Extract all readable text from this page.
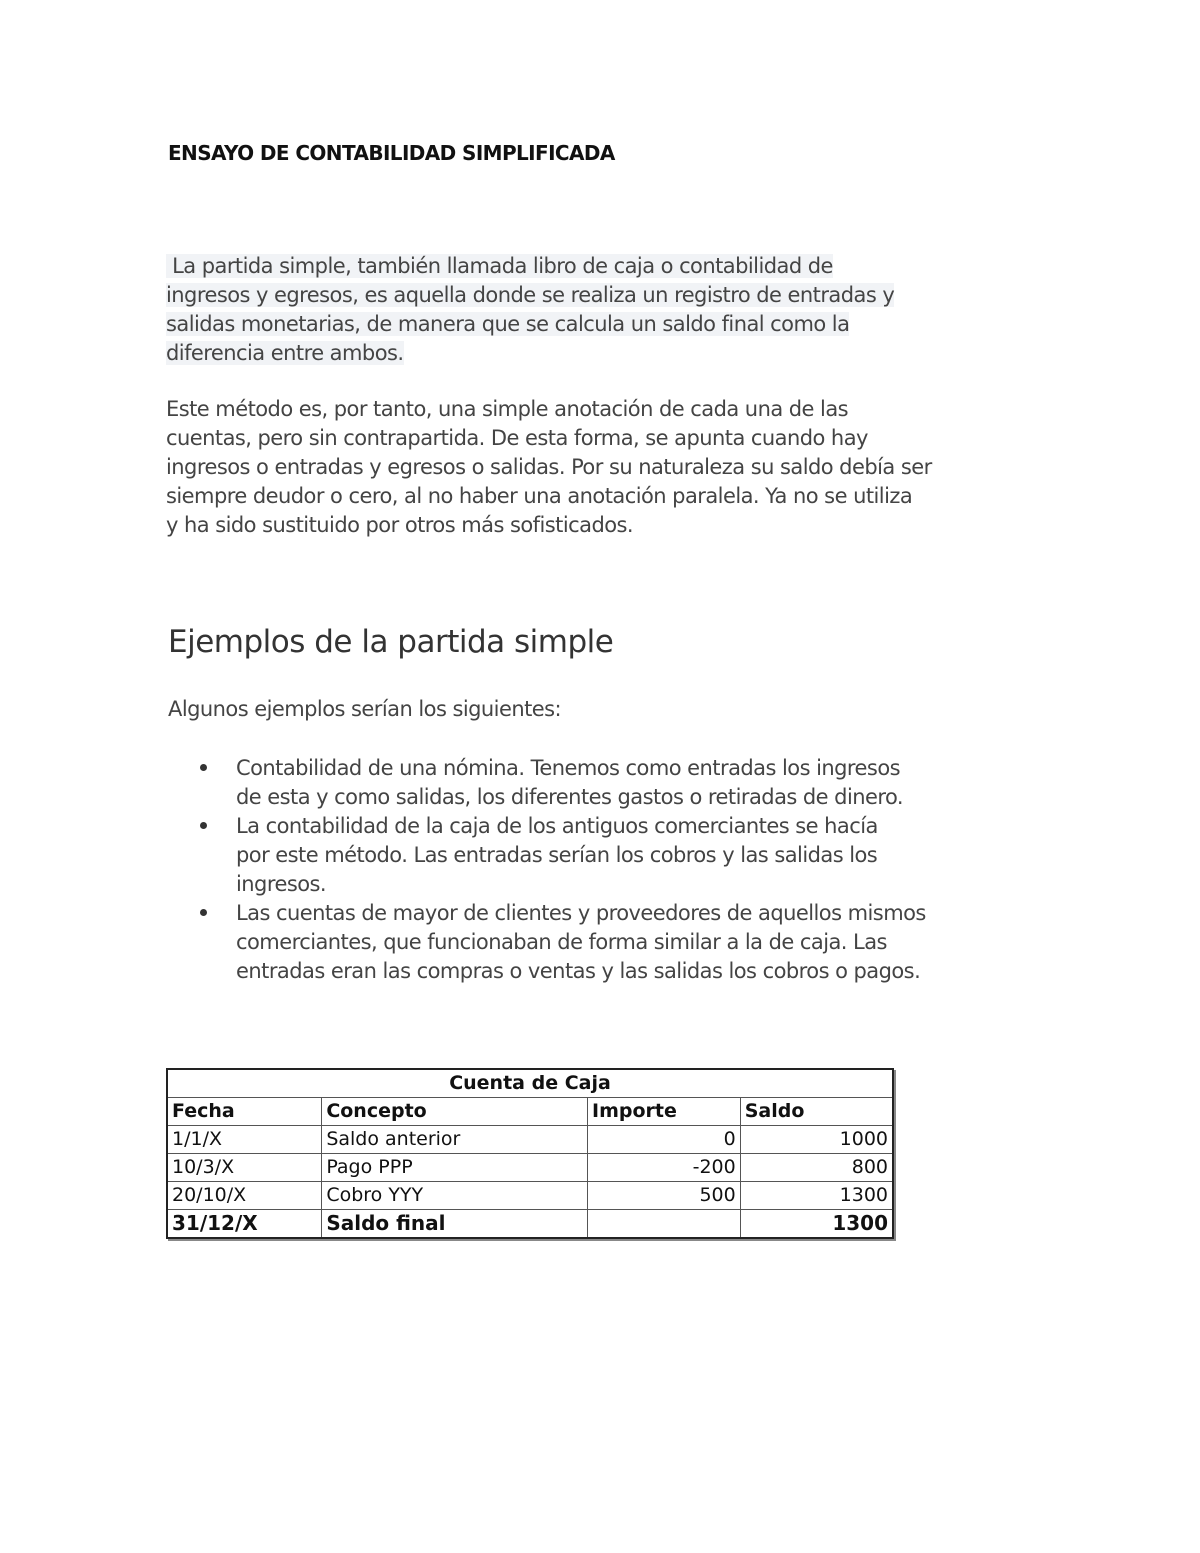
ENSAYO DE CONTABILIDAD SIMPLIFICADA

La partida simple, también llamada libro de caja o contabilidad de
ingresos y egresos, es aquella donde se realiza un registro de entradas y
salidas monetarias, de manera que se calcula un saldo final como la
diferencia entre ambos.

Este método es, por tanto, una simple anotación de cada una de las
cuentas, pero sin contrapartida. De esta forma, se apunta cuando hay
ingresos o entradas y egresos o salidas. Por su naturaleza su saldo debía ser
siempre deudor o cero, al no haber una anotación paralela. Ya no se utiliza
y ha sido sustituido por otros más sofisticados.

Ejemplos de la partida simple

Algunos ejemplos serían los siguientes:

Contabilidad de una nómina. Tenemos como entradas los ingresos
de esta y como salidas, los diferentes gastos o retiradas de dinero.
La contabilidad de la caja de los antiguos comerciantes se hacía
por este método. Las entradas serían los cobros y las salidas los
ingresos.
Las cuentas de mayor de clientes y proveedores de aquellos mismos
comerciantes, que funcionaban de forma similar a la de caja. Las
entradas eran las compras o ventas y las salidas los cobros o pagos.
Cuenta de Caja			
Fecha	Concepto	Importe	Saldo
1/1/X	Saldo anterior	0	1000
10/3/X	Pago PPP	-200	800
20/10/X	Cobro YYY	500	1300
31/12/X	Saldo final		1300
